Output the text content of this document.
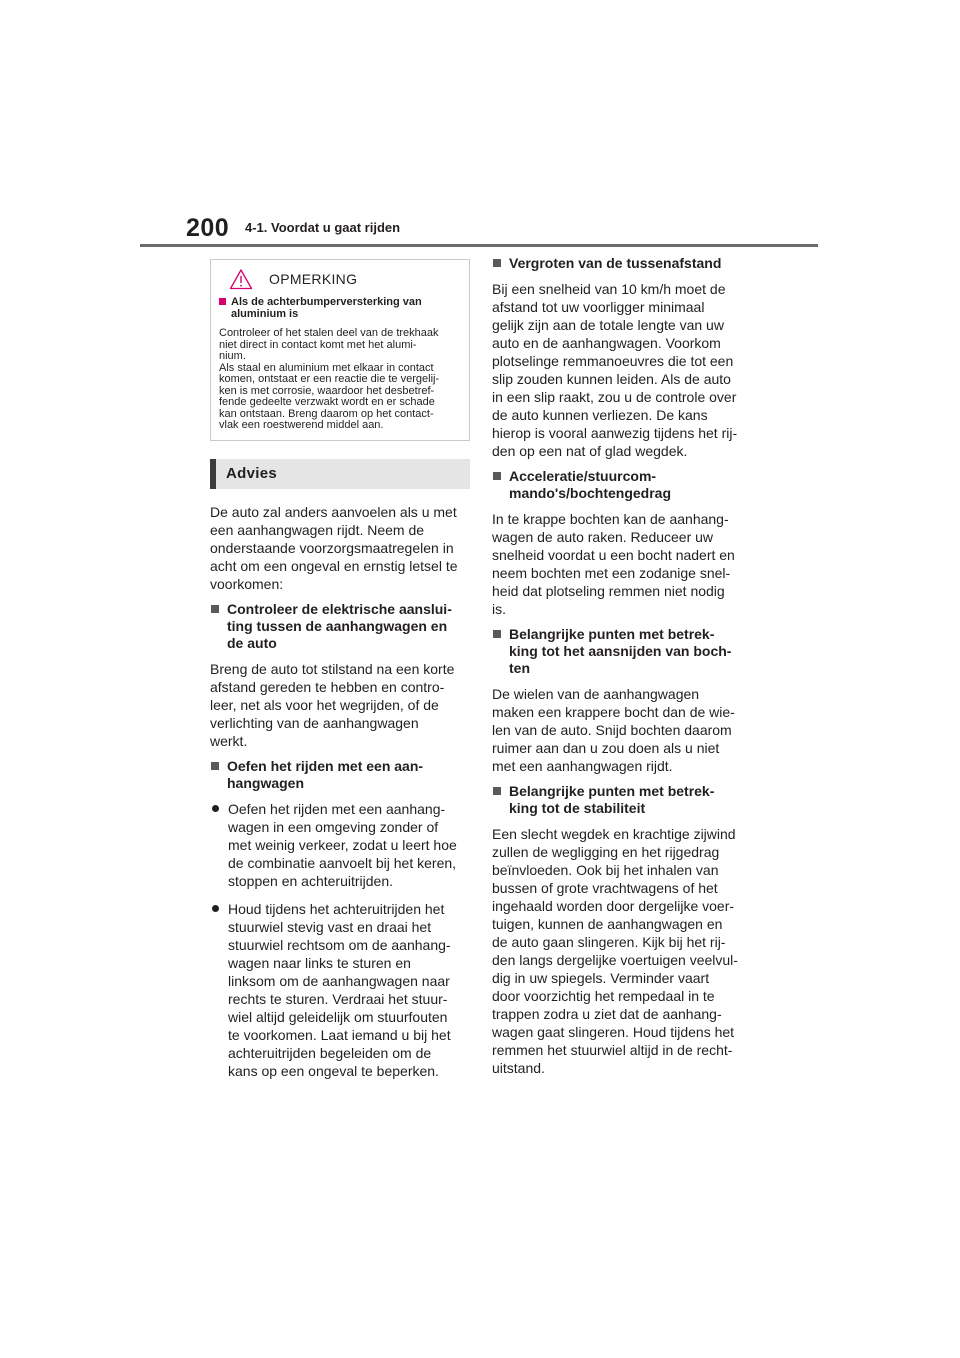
200 4-1. Voordat u gaat rijden
OPMERKING
Als de achterbumperversterking van aluminium is

Controleer of het stalen deel van de trekhaak
niet direct in contact komt met het alumi-
nium.
Als staal en aluminium met elkaar in contact
komen, ontstaat er een reactie die te vergelij-
ken is met corrosie, waardoor het desbetref-
fende gedeelte verzwakt wordt en er schade
kan ontstaan. Breng daarom op het contact-
vlak een roestwerend middel aan.

Advies

De auto zal anders aanvoelen als u met
een aanhangwagen rijdt. Neem de
onderstaande voorzorgsmaatregelen in
acht om een ongeval en ernstig letsel te
voorkomen:

Controleer de elektrische aanslui-
ting tussen de aanhangwagen en
de auto

Breng de auto tot stilstand na een korte
afstand gereden te hebben en contro-
leer, net als voor het wegrijden, of de
verlichting van de aanhangwagen
werkt.

Oefen het rijden met een aan-
hangwagen
Oefen het rijden met een aanhang-
wagen in een omgeving zonder of
met weinig verkeer, zodat u leert hoe
de combinatie aanvoelt bij het keren,
stoppen en achteruitrijden.
Houd tijdens het achteruitrijden het
stuurwiel stevig vast en draai het
stuurwiel rechtsom om de aanhang-
wagen naar links te sturen en
linksom om de aanhangwagen naar
rechts te sturen. Verdraai het stuur-
wiel altijd geleidelijk om stuurfouten
te voorkomen. Laat iemand u bij het
achteruitrijden begeleiden om de
kans op een ongeval te beperken.
Vergroten van de tussenafstand

Bij een snelheid van 10 km/h moet de
afstand tot uw voorligger minimaal
gelijk zijn aan de totale lengte van uw
auto en de aanhangwagen. Voorkom
plotselinge remmanoeuvres die tot een
slip zouden kunnen leiden. Als de auto
in een slip raakt, zou u de controle over
de auto kunnen verliezen. De kans
hierop is vooral aanwezig tijdens het rij-
den op een nat of glad wegdek.

Acceleratie/stuurcom-
mando's/bochtengedrag

In te krappe bochten kan de aanhang-
wagen de auto raken. Reduceer uw
snelheid voordat u een bocht nadert en
neem bochten met een zodanige snel-
heid dat plotseling remmen niet nodig
is.

Belangrijke punten met betrek-
king tot het aansnijden van boch-
ten

De wielen van de aanhangwagen
maken een krappere bocht dan de wie-
len van de auto. Snijd bochten daarom
ruimer aan dan u zou doen als u niet
met een aanhangwagen rijdt.

Belangrijke punten met betrek-
king tot de stabiliteit

Een slecht wegdek en krachtige zijwind
zullen de wegligging en het rijgedrag
beïnvloeden. Ook bij het inhalen van
bussen of grote vrachtwagens of het
ingehaald worden door dergelijke voer-
tuigen, kunnen de aanhangwagen en
de auto gaan slingeren. Kijk bij het rij-
den langs dergelijke voertuigen veelvul-
dig in uw spiegels. Verminder vaart
door voorzichtig het rempedaal in te
trappen zodra u ziet dat de aanhang-
wagen gaat slingeren. Houd tijdens het
remmen het stuurwiel altijd in de recht-
uitstand.
